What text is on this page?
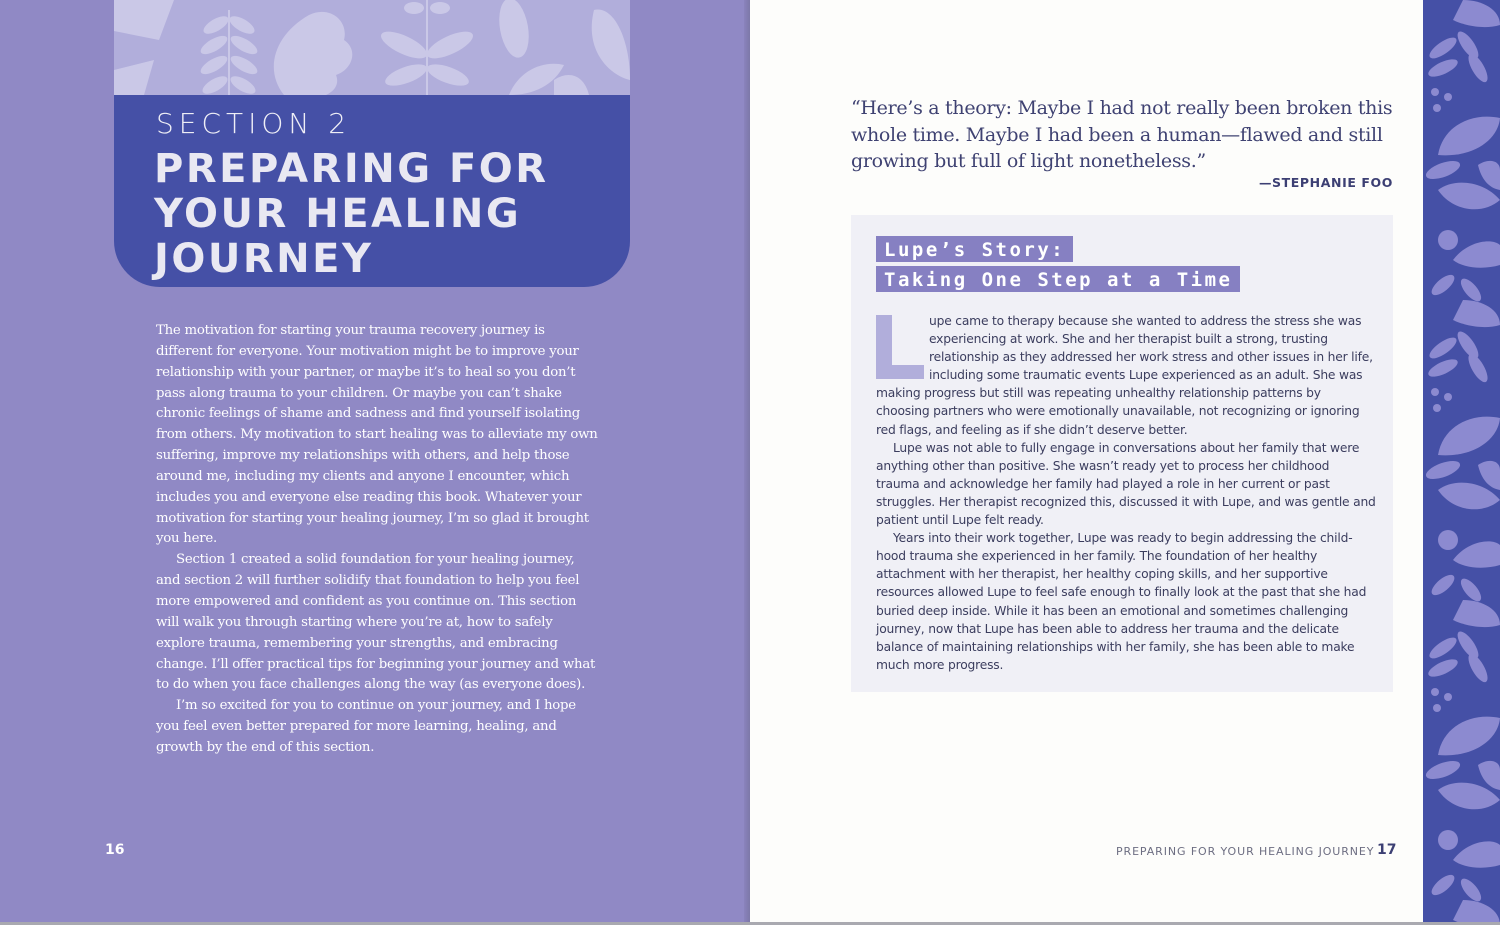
SECTION 2
PREPARING FOR YOUR HEALING JOURNEY

The motivation for starting your trauma recovery journey is different for everyone. Your motivation might be to improve your relationship with your partner, or maybe it’s to heal so you don’t pass along trauma to your children. Or maybe you can’t shake chronic feelings of shame and sadness and find yourself isolating from others. My motivation to start healing was to alleviate my own suffering, improve my relationships with others, and help those around me, including my clients and anyone I encounter, which includes you and everyone else reading this book. Whatever your motivation for starting your healing journey, I’m so glad it brought you here.

Section 1 created a solid foundation for your healing journey, and section 2 will further solidify that foundation to help you feel more empowered and confident as you continue on. This section will walk you through starting where you’re at, how to safely explore trauma, remembering your strengths, and embracing change. I’ll offer practical tips for beginning your journey and what to do when you face challenges along the way (as everyone does).

I’m so excited for you to continue on your journey, and I hope you feel even better prepared for more learning, healing, and growth by the end of this section.

16
“Here’s a theory: Maybe I had not really been broken this whole time. Maybe I had been a human—flawed and still growing but full of light nonetheless.”
—STEPHANIE FOO
Lupe’s Story:
Taking One Step at a Time

upe came to therapy because she wanted to address the stress she was experiencing at work. She and her therapist built a strong, trusting relationship as they addressed her work stress and other issues in her life, including some traumatic events Lupe experienced as an adult. She was making progress but still was repeating unhealthy relationship patterns by choosing partners who were emotionally unavailable, not recognizing or ignoring red flags, and feeling as if she didn’t deserve better.

Lupe was not able to fully engage in conversations about her family that were anything other than positive. She wasn’t ready yet to process her childhood trauma and acknowledge her family had played a role in her current or past struggles. Her therapist recognized this, discussed it with Lupe, and was gentle and patient until Lupe felt ready.

Years into their work together, Lupe was ready to begin addressing the childhood trauma she experienced in her family. The foundation of her healthy attachment with her therapist, her healthy coping skills, and her supportive resources allowed Lupe to feel safe enough to finally look at the past that she had buried deep inside. While it has been an emotional and sometimes challenging journey, now that Lupe has been able to address her trauma and the delicate balance of maintaining relationships with her family, she has been able to make much more progress.

PREPARING FOR YOUR HEALING JOURNEY 17
